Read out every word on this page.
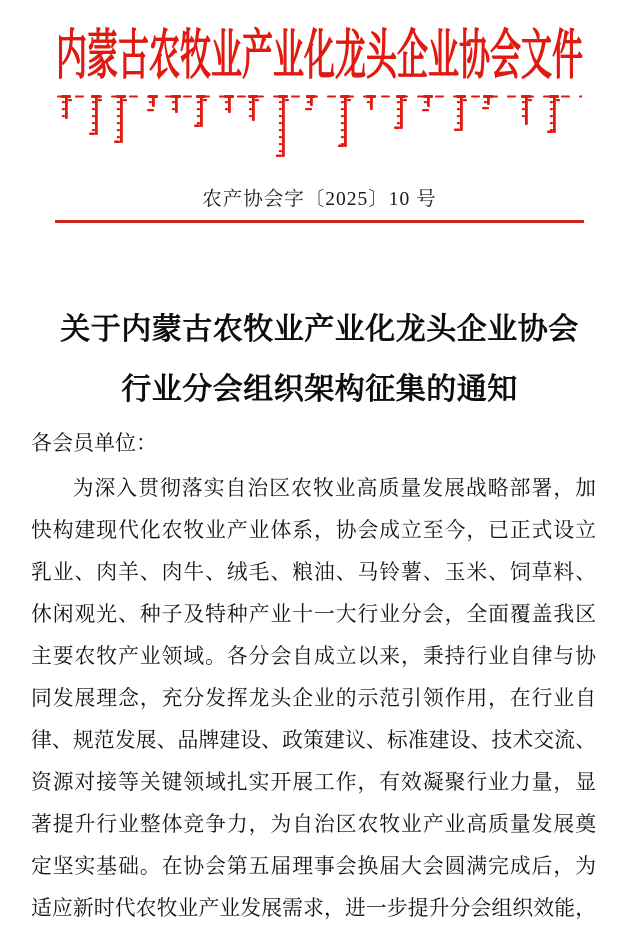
内蒙古农牧业产业化龙头企业协会文件
农产协会字〔2025〕10 号
关于内蒙古农牧业产业化龙头企业协会
行业分会组织架构征集的通知
各会员单位：
为深入贯彻落实自治区农牧业高质量发展战略部署，加
快构建现代化农牧业产业体系，协会成立至今，已正式设立
乳业、肉羊、肉牛、绒毛、粮油、马铃薯、玉米、饲草料、
休闲观光、种子及特种产业十一大行业分会，全面覆盖我区
主要农牧产业领域。各分会自成立以来，秉持行业自律与协
同发展理念，充分发挥龙头企业的示范引领作用，在行业自
律、规范发展、品牌建设、政策建议、标准建设、技术交流、
资源对接等关键领域扎实开展工作，有效凝聚行业力量，显
著提升行业整体竞争力，为自治区农牧业产业高质量发展奠
定坚实基础。在协会第五届理事会换届大会圆满完成后，为
适应新时代农牧业产业发展需求，进一步提升分会组织效能，
